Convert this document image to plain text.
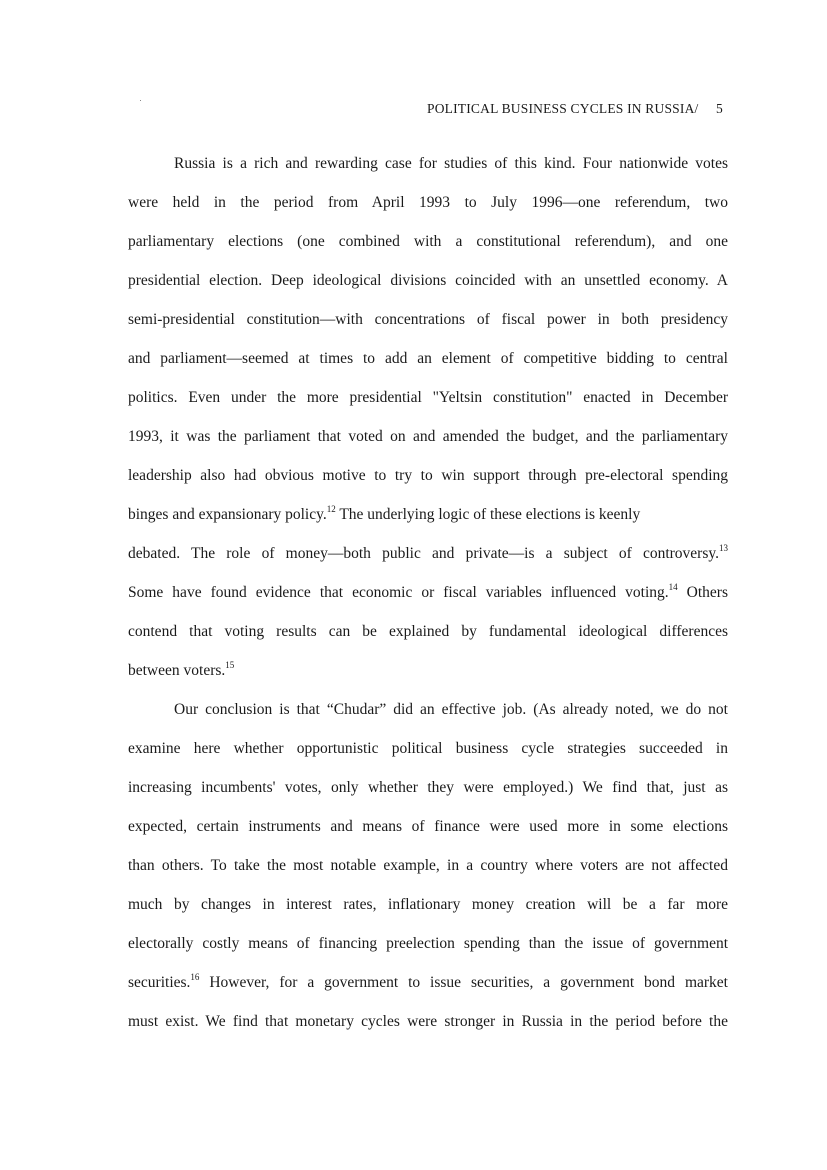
POLITICAL BUSINESS CYCLES IN RUSSIA/ 5
Russia is a rich and rewarding case for studies of this kind. Four nationwide votes
were held in the period from April 1993 to July 1996—one referendum, two
parliamentary elections (one combined with a constitutional referendum), and one
presidential election. Deep ideological divisions coincided with an unsettled economy. A
semi-presidential constitution—with concentrations of fiscal power in both presidency
and parliament—seemed at times to add an element of competitive bidding to central
politics. Even under the more presidential "Yeltsin constitution" enacted in December
1993, it was the parliament that voted on and amended the budget, and the parliamentary
leadership also had obvious motive to try to win support through pre-electoral spending
binges and expansionary policy.$^{12}$ The underlying logic of these elections is keenly
debated. The role of money—both public and private—is a subject of controversy.$^{13}$
Some have found evidence that economic or fiscal variables influenced voting.$^{14}$ Others
contend that voting results can be explained by fundamental ideological differences
between voters.$^{15}$
Our conclusion is that “Chudar” did an effective job. (As already noted, we do not
examine here whether opportunistic political business cycle strategies succeeded in
increasing incumbents' votes, only whether they were employed.) We find that, just as
expected, certain instruments and means of finance were used more in some elections
than others. To take the most notable example, in a country where voters are not affected
much by changes in interest rates, inflationary money creation will be a far more
electorally costly means of financing preelection spending than the issue of government
securities.$^{16}$ However, for a government to issue securities, a government bond market
must exist. We find that monetary cycles were stronger in Russia in the period before the
